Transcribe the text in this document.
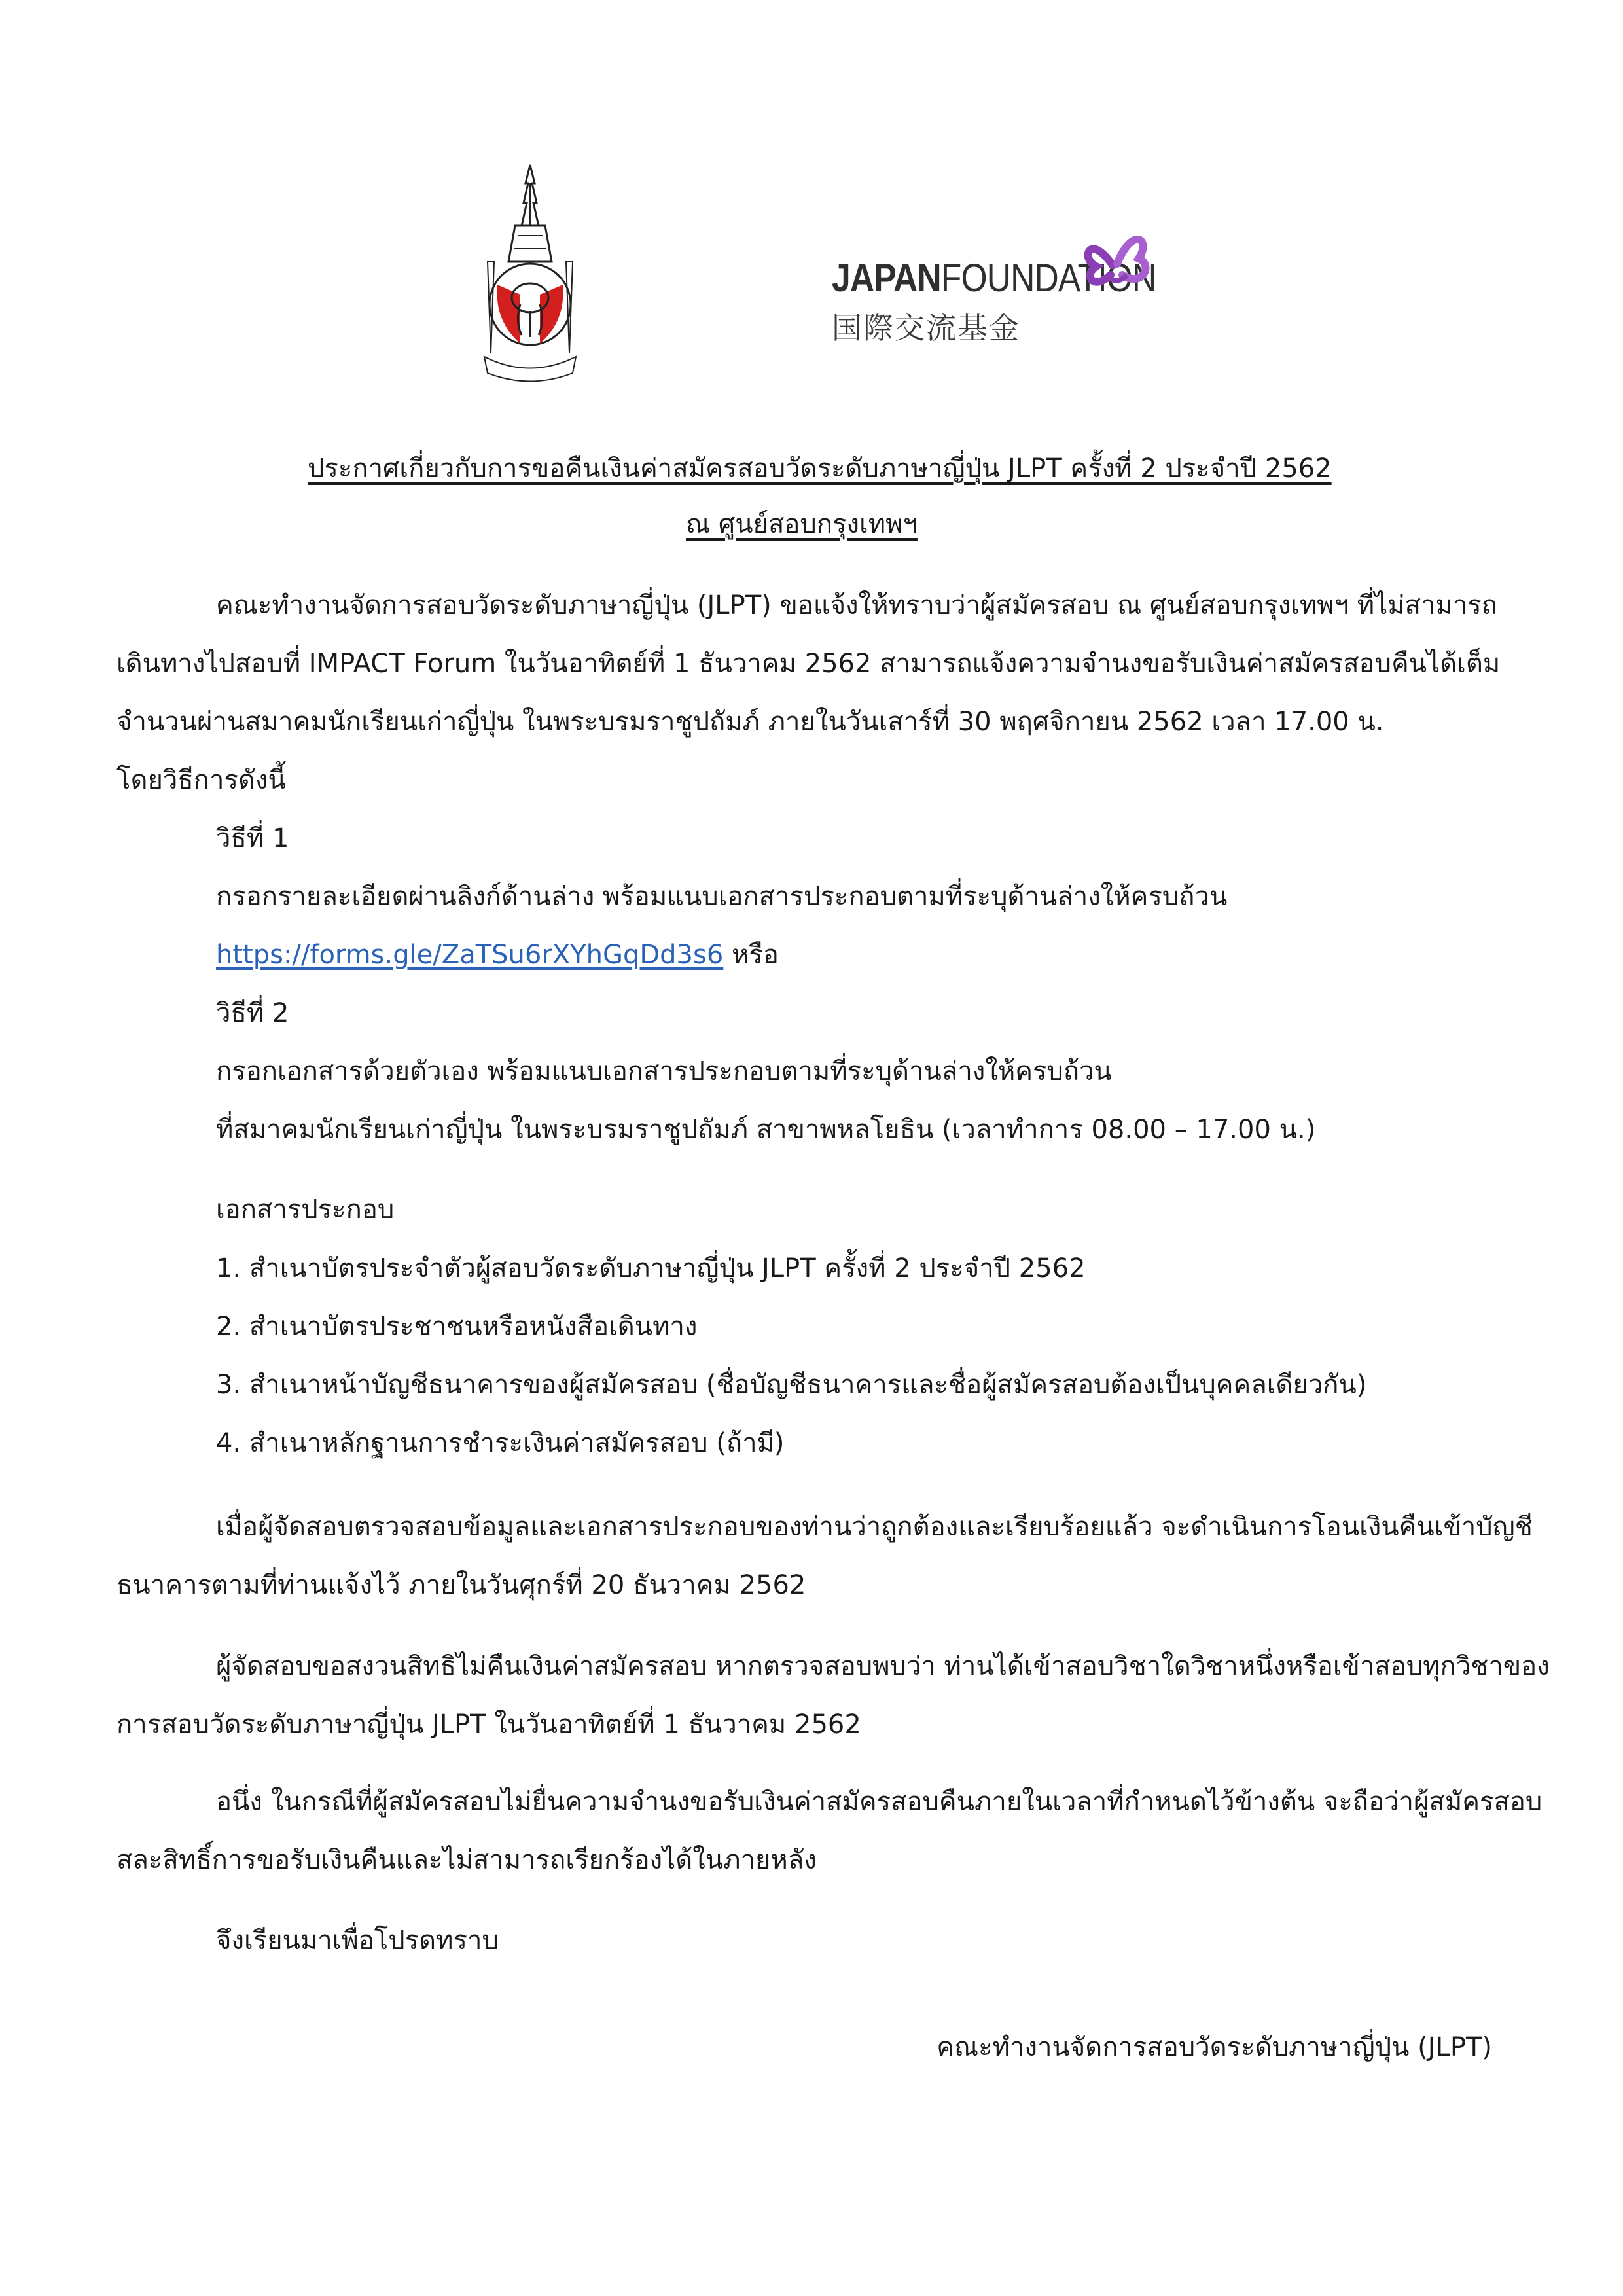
JAPANFOUNDATION
国際交流基金
ประกาศเกี่ยวกับการขอคืนเงินค่าสมัครสอบวัดระดับภาษาญี่ปุ่น JLPT ครั้งที่ 2 ประจำปี 2562
ณ ศูนย์สอบกรุงเทพฯ
คณะทำงานจัดการสอบวัดระดับภาษาญี่ปุ่น (JLPT) ขอแจ้งให้ทราบว่าผู้สมัครสอบ ณ ศูนย์สอบกรุงเทพฯ ที่ไม่สามารถ
เดินทางไปสอบที่ IMPACT Forum ในวันอาทิตย์ที่ 1 ธันวาคม 2562 สามารถแจ้งความจำนงขอรับเงินค่าสมัครสอบคืนได้เต็ม
จำนวนผ่านสมาคมนักเรียนเก่าญี่ปุ่น ในพระบรมราชูปถัมภ์ ภายในวันเสาร์ที่ 30 พฤศจิกายน 2562 เวลา 17.00 น.
โดยวิธีการดังนี้
วิธีที่ 1
กรอกรายละเอียดผ่านลิงก์ด้านล่าง พร้อมแนบเอกสารประกอบตามที่ระบุด้านล่างให้ครบถ้วน
https://forms.gle/ZaTSu6rXYhGqDd3s6 หรือ
วิธีที่ 2
กรอกเอกสารด้วยตัวเอง พร้อมแนบเอกสารประกอบตามที่ระบุด้านล่างให้ครบถ้วน
ที่สมาคมนักเรียนเก่าญี่ปุ่น ในพระบรมราชูปถัมภ์ สาขาพหลโยธิน (เวลาทำการ 08.00 – 17.00 น.)
เอกสารประกอบ
1. สำเนาบัตรประจำตัวผู้สอบวัดระดับภาษาญี่ปุ่น JLPT ครั้งที่ 2 ประจำปี 2562
2. สำเนาบัตรประชาชนหรือหนังสือเดินทาง
3. สำเนาหน้าบัญชีธนาคารของผู้สมัครสอบ (ชื่อบัญชีธนาคารและชื่อผู้สมัครสอบต้องเป็นบุคคลเดียวกัน)
4. สำเนาหลักฐานการชำระเงินค่าสมัครสอบ (ถ้ามี)
เมื่อผู้จัดสอบตรวจสอบข้อมูลและเอกสารประกอบของท่านว่าถูกต้องและเรียบร้อยแล้ว จะดำเนินการโอนเงินคืนเข้าบัญชี
ธนาคารตามที่ท่านแจ้งไว้ ภายในวันศุกร์ที่ 20 ธันวาคม 2562
ผู้จัดสอบขอสงวนสิทธิไม่คืนเงินค่าสมัครสอบ หากตรวจสอบพบว่า ท่านได้เข้าสอบวิชาใดวิชาหนึ่งหรือเข้าสอบทุกวิชาของ
การสอบวัดระดับภาษาญี่ปุ่น JLPT ในวันอาทิตย์ที่ 1 ธันวาคม 2562
อนึ่ง ในกรณีที่ผู้สมัครสอบไม่ยื่นความจำนงขอรับเงินค่าสมัครสอบคืนภายในเวลาที่กำหนดไว้ข้างต้น จะถือว่าผู้สมัครสอบ
สละสิทธิ์การขอรับเงินคืนและไม่สามารถเรียกร้องได้ในภายหลัง
จึงเรียนมาเพื่อโปรดทราบ
คณะทำงานจัดการสอบวัดระดับภาษาญี่ปุ่น (JLPT)
